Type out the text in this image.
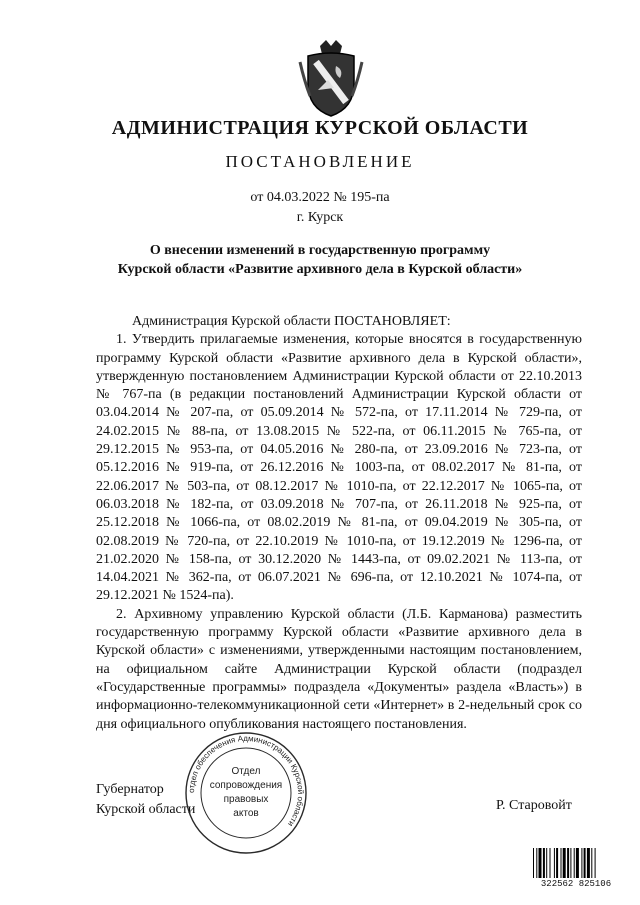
АДМИНИСТРАЦИЯ КУРСКОЙ ОБЛАСТИ
ПОСТАНОВЛЕНИЕ
от 04.03.2022 № 195-па
г. Курск
О внесении изменений в государственную программу
Курской области «Развитие архивного дела в Курской области»

Администрация Курской области ПОСТАНОВЛЯЕТ:

1. Утвердить прилагаемые изменения, которые вносятся в государственную программу Курской области «Развитие архивного дела в Курской области», утвержденную постановлением Администрации Курской области от 22.10.2013 № 767-па (в редакции постановлений Администрации Курской области от 03.04.2014 № 207-па, от 05.09.2014 № 572-па, от 17.11.2014 № 729-па, от 24.02.2015 № 88-па, от 13.08.2015 № 522-па, от 06.11.2015 № 765-па, от 29.12.2015 № 953-па, от 04.05.2016 № 280-па, от 23.09.2016 № 723-па, от 05.12.2016 № 919-па, от 26.12.2016 № 1003-па, от 08.02.2017 № 81-па, от 22.06.2017 № 503-па, от 08.12.2017 № 1010-па, от 22.12.2017 № 1065-па, от 06.03.2018 № 182-па, от 03.09.2018 № 707-па, от 26.11.2018 № 925-па, от 25.12.2018 № 1066-па, от 08.02.2019 № 81-па, от 09.04.2019 № 305-па, от 02.08.2019 № 720-па, от 22.10.2019 № 1010-па, от 19.12.2019 № 1296-па, от 21.02.2020 № 158-па, от 30.12.2020 № 1443-па, от 09.02.2021 № 113-па, от 14.04.2021 № 362-па, от 06.07.2021 № 696-па, от 12.10.2021 № 1074-па, от 29.12.2021 № 1524-па).

2. Архивному управлению Курской области (Л.Б. Карманова) разместить государственную программу Курской области «Развитие архивного дела в Курской области» с изменениями, утвержденными настоящим постановлением, на официальном сайте Администрации Курской области (подраздел «Государственные программы» подраздела «Документы» раздела «Власть») в информационно-телекоммуникационной сети «Интернет» в 2-недельный срок со дня официального опубликования настоящего постановления.

Губернатор
Курской области	Р. Старовойт
отдел обеспечения Администрации Курской области
Отдел
сопровождения
правовых
актов
322562 825106
